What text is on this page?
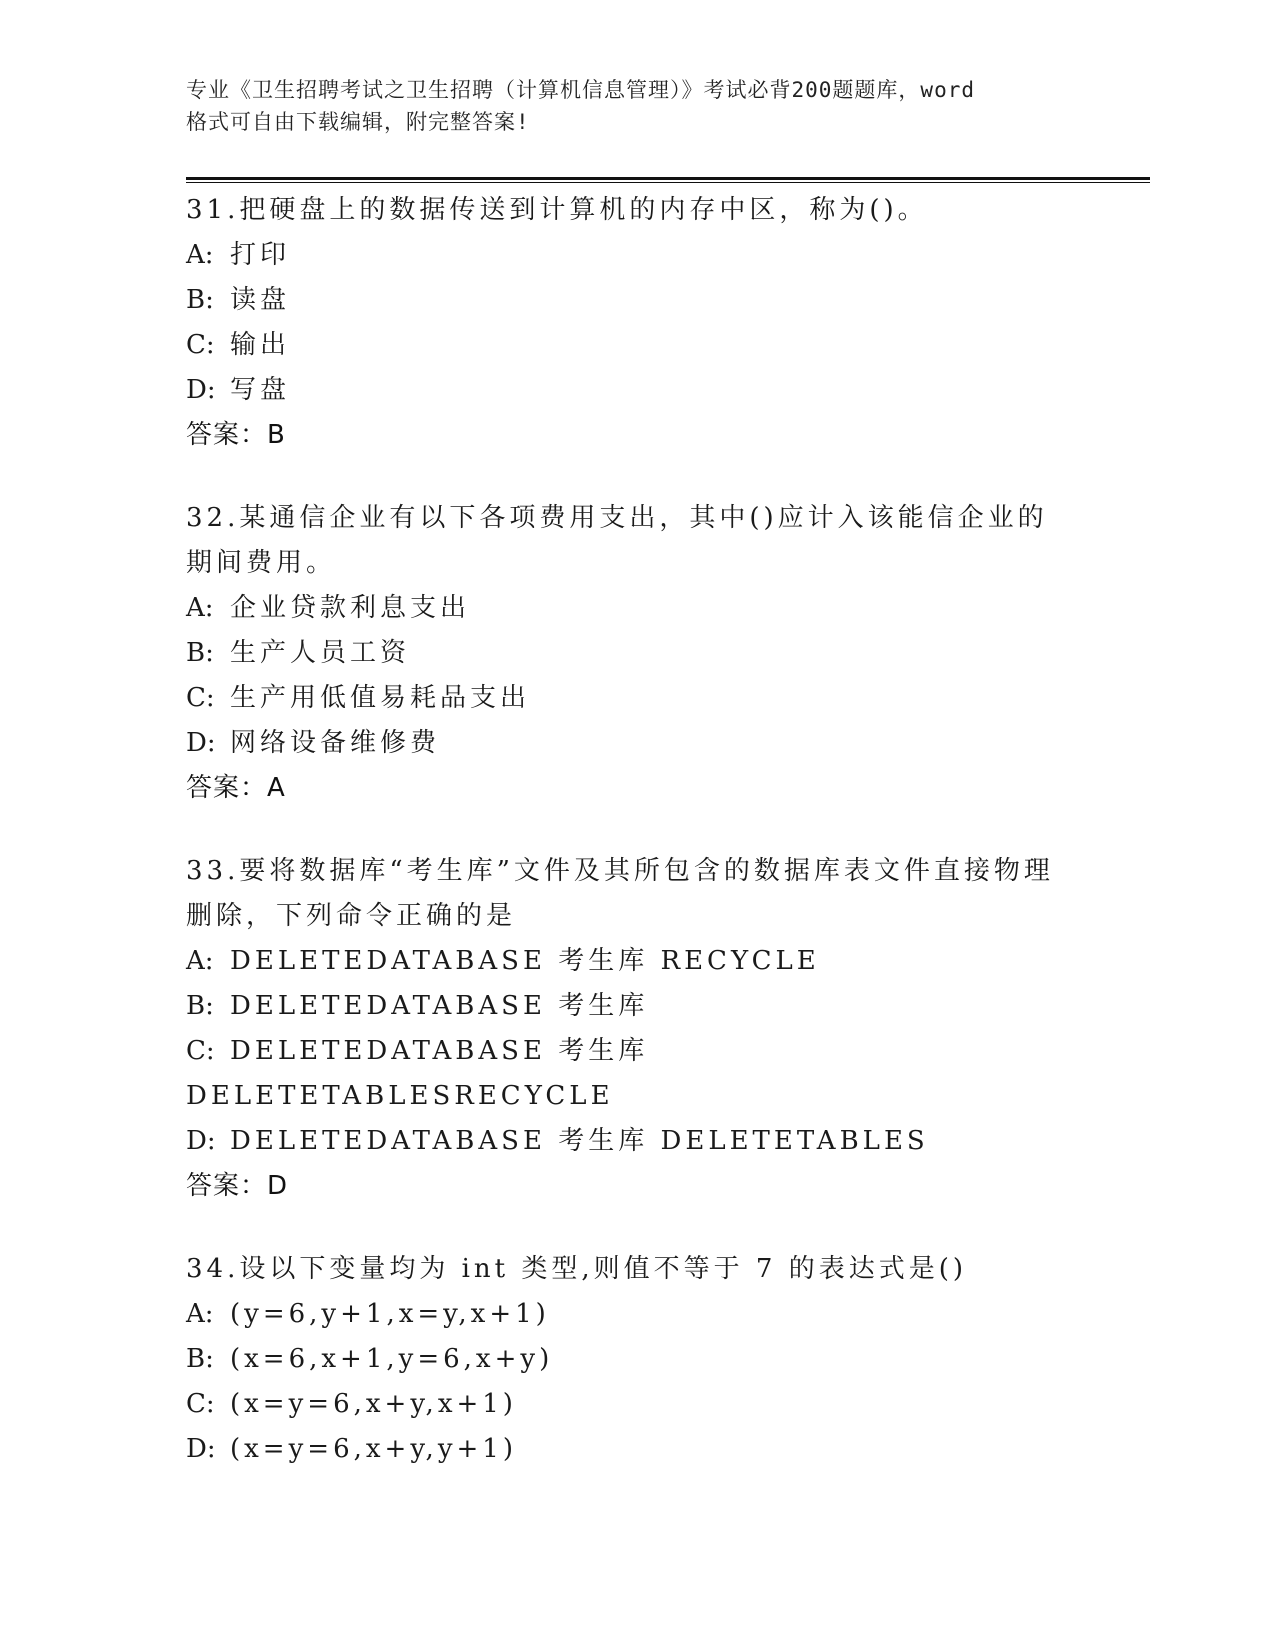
专业《卫生招聘考试之卫生招聘（计算机信息管理）》考试必背200题题库，word
格式可自由下载编辑，附完整答案!
31.把硬盘上的数据传送到计算机的内存中区，称为()。
A: 打印
B: 读盘
C: 输出
D: 写盘
答案：B
32.某通信企业有以下各项费用支出，其中()应计入该能信企业的期间费用。
A: 企业贷款利息支出
B: 生产人员工资
C: 生产用低值易耗品支出
D: 网络设备维修费
答案：A
33.要将数据库“考生库”文件及其所包含的数据库表文件直接物理删除，下列命令正确的是
A: DELETEDATABASE 考生库 RECYCLE
B: DELETEDATABASE 考生库
C: DELETEDATABASE 考生库 DELETETABLESRECYCLE
D: DELETEDATABASE 考生库 DELETETABLES
答案：D
34.设以下变量均为 int 类型,则值不等于 7 的表达式是()
A: (y=6,y+1,x=y,x+1)
B: (x=6,x+1,y=6,x+y)
C: (x=y=6,x+y,x+1)
D: (x=y=6,x+y,y+1)
